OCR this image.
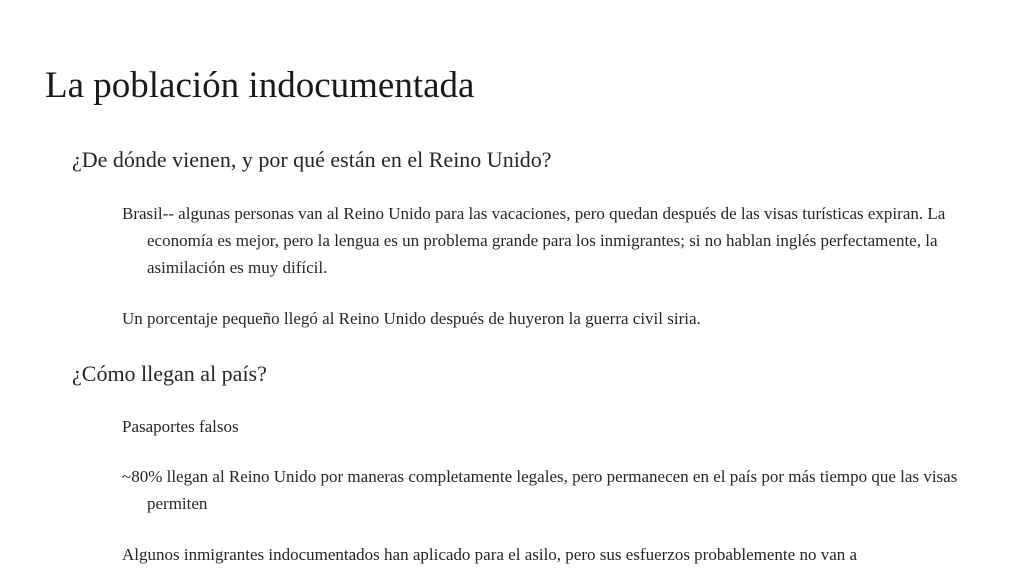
La población indocumentada
¿De dónde vienen, y por qué están en el Reino Unido?
Brasil-- algunas personas van al Reino Unido para las vacaciones, pero quedan después de las visas turísticas expiran. La economía es mejor, pero la lengua es un problema grande para los inmigrantes; si no hablan inglés perfectamente, la asimilación es muy difícil.
Un porcentaje pequeño llegó al Reino Unido después de huyeron la guerra civil siria.
¿Cómo llegan al país?
Pasaportes falsos
~80% llegan al Reino Unido por maneras completamente legales, pero permanecen en el país por más tiempo que las visas permiten
Algunos inmigrantes indocumentados han aplicado para el asilo, pero sus esfuerzos probablemente no van a
